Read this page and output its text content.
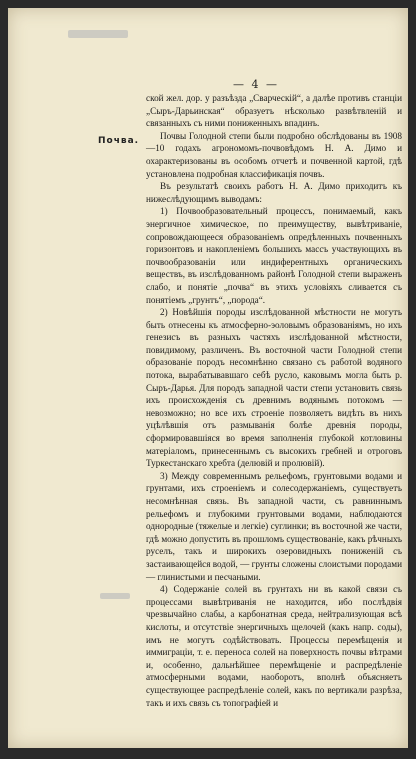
— 4 —
Почва.

ской жел. дор. у разъѣзда „Сварческій“, а далѣе противъ станціи „Сыръ-Дарьинская“ образуетъ нѣсколько развѣтвленій и связанныхъ съ ними пониженныхъ впадинъ.

Почвы Голодной степи были подробно обслѣдованы въ 1908—10 годахъ агрономомъ-почвовѣдомъ Н. А. Димо и охарактеризованы въ особомъ отчетѣ и почвенной картой, гдѣ установлена подробная классификація почвъ.

Въ результатѣ своихъ работъ Н. А. Димо приходитъ къ нижеслѣдующимъ выводамъ:

1) Почвообразовательный процессъ, понимаемый, какъ энергичное химическое, по преимуществу, вывѣтриваніе, сопровождающееся образованіемъ опредѣленныхъ почвенныхъ горизонтовъ и накопленіемъ большихъ массъ участвующихъ въ почвообразованіи или индиферентныхъ органическихъ веществъ, въ изслѣдованномъ районѣ Голодной степи выраженъ слабо, и понятіе „почва“ въ этихъ условіяхъ сливается съ понятіемъ „грунтъ“, „порода“.

2) Новѣйшія породы изслѣдованной мѣстности не могутъ быть отнесены къ атмосферно-эоловымъ образованіямъ, но ихъ генезисъ въ разныхъ частяхъ изслѣдованной мѣстности, повидимому, различенъ. Въ восточной части Голодной степи образованіе породъ несомнѣнно связано съ работой водяного потока, вырабатывавшаго себѣ русло, каковымъ могла быть р. Сыръ-Дарья. Для породъ западной части степи установить связь ихъ происхожденія съ древнимъ водянымъ потокомъ — невозможно; но все ихъ строеніе позволяетъ видѣть въ нихъ уцѣлѣвшія отъ размыванія болѣе древнія породы, сформировавшіяся во время заполненія глубокой котловины матеріаломъ, принесеннымъ съ высокихъ гребней и отроговъ Туркестанскаго хребта (делювій и пролювій).

3) Между современнымъ рельефомъ, грунтовыми водами и грунтами, ихъ строеніемъ и солесодержаніемъ, существуетъ несомнѣнная связь. Въ западной части, съ равниннымъ рельефомъ и глубокими грунтовыми водами, наблюдаются однородные (тяжелые и легкіе) суглинки; въ восточной же части, гдѣ можно допустить въ прошломъ существованіе, какъ рѣчныхъ руселъ, такъ и широкихъ озеровидныхъ пониженій съ застаивающейся водой, — грунты сложены слоистыми породами — глинистыми и песчаными.

4) Содержаніе солей въ грунтахъ ни въ какой связи съ процессами вывѣтриванія не находится, ибо послѣдвія чрезвычайно слабы, а карбонатная среда, нейтрализующая всѣ кислоты, и отсутствіе энергичныхъ щелочей (какъ напр. соды), имъ не могутъ содѣйствовать. Процессы перемѣщенія и иммиграціи, т. е. переноса солей на поверхность почвы вѣтрами и, особенно, дальнѣйшее перемѣщеніе и распредѣленіе атмосферными водами, наоборотъ, вполнѣ объясняетъ существующее распредѣленіе солей, какъ по вертикали разрѣза, такъ и ихъ связь съ топографіей и
